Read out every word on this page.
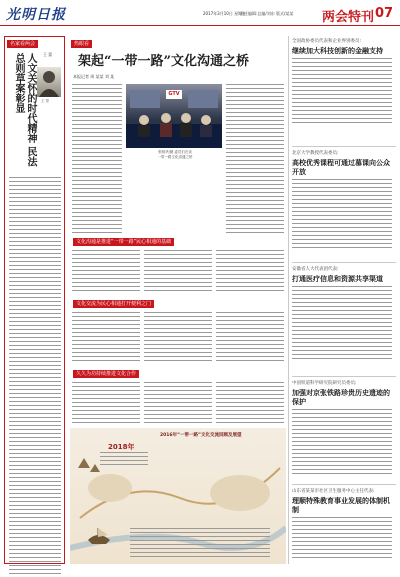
光明日报	2017年3月10日 星期五
责任编辑:总编/刘东 版式/某某 两会特刊 07
名家看两会
王 蒙
人文关怀的时代精神 民法总则草案彰显	王 蒙
热眼看
架起“一带一路”文化沟通之桥
本报记者 周 某某 刘 某
GTV
张明华/摄 委员们在谈
一带一路文化沟通之桥
文化沟通是推进“一带一路”民心相通的基础
文化交流为民心相通打开便利之门
久久为功持续推进文化合作
2016年“一带一路”文化交流回顾及展望
2018年
全国政协委员代表和企业界别委员:
继续加大科技创新的金融支持
北京大学教授代表委员:
高校优秀课程可通过慕课向公众开放
安徽省人大代表团代表:
打通医疗信息和资源共享渠道
中国铁道科学研究院研究员委员:
加强对京张铁路珍贵历史遗迹的保护
山东省某某市社区卫生服务中心主任代表:
理顺特殊教育事业发展的体制机制
